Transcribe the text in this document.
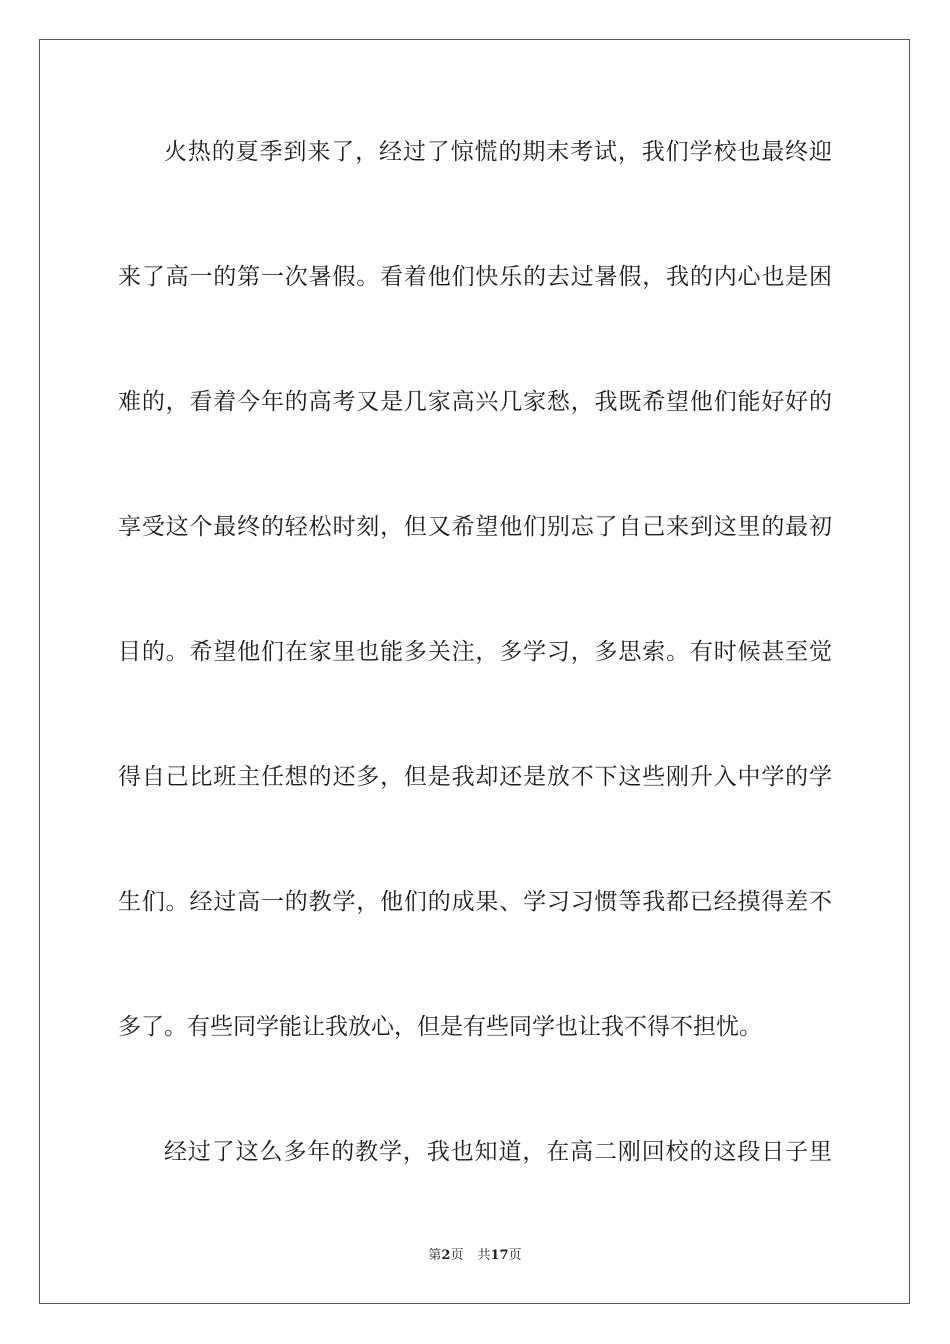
火热的夏季到来了，经过了惊慌的期末考试，我们学校也最终迎
来了高一的第一次暑假。看着他们快乐的去过暑假，我的内心也是困
难的，看着今年的高考又是几家高兴几家愁，我既希望他们能好好的
享受这个最终的轻松时刻，但又希望他们别忘了自己来到这里的最初
目的。希望他们在家里也能多关注，多学习，多思索。有时候甚至觉
得自己比班主任想的还多，但是我却还是放不下这些刚升入中学的学
生们。经过高一的教学，他们的成果、学习习惯等我都已经摸得差不
多了。有些同学能让我放心，但是有些同学也让我不得不担忧。
经过了这么多年的教学，我也知道，在高二刚回校的这段日子里
第2页 共17页
